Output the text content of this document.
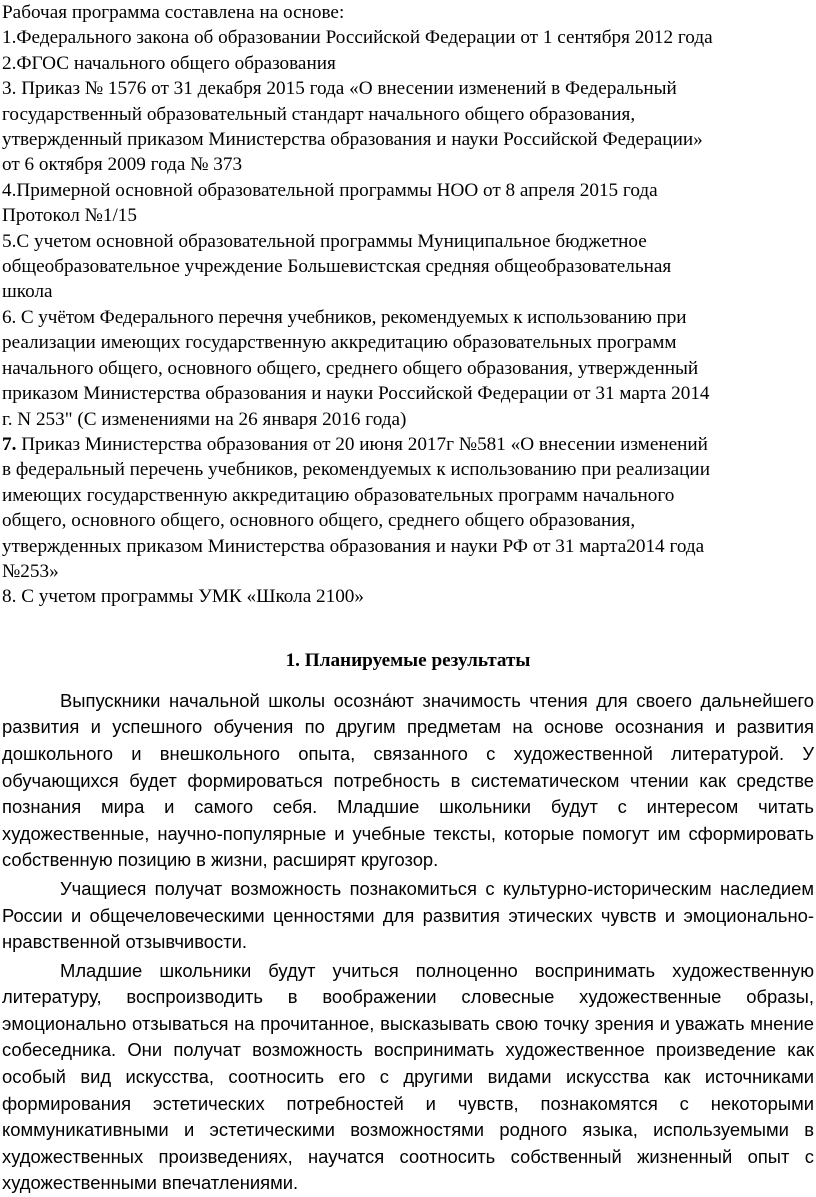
Рабочая программа составлена на основе:

1.Федерального закона об образовании Российской Федерации от 1 сентября 2012 года

2.ФГОС начального общего образования

3. Приказ № 1576 от 31 декабря 2015 года «О внесении изменений в Федеральный

государственный образовательный стандарт начального общего образования,

утвержденный приказом Министерства образования и науки Российской Федерации»

от 6 октября 2009 года № 373

4.Примерной основной образовательной программы НОО от 8 апреля 2015 года

Протокол №1/15

5.С учетом основной образовательной программы Муниципальное бюджетное

общеобразовательное учреждение Большевистская средняя общеобразовательная

школа

6. С учётом Федерального перечня учебников, рекомендуемых к использованию при

реализации имеющих государственную аккредитацию образовательных программ

начального общего, основного общего, среднего общего образования, утвержденный

приказом Министерства образования и науки Российской Федерации от 31 марта 2014

г. N 253" (С изменениями на 26 января 2016 года)

7. Приказ Министерства образования от 20 июня 2017г №581 «О внесении изменений

в федеральный перечень учебников, рекомендуемых к использованию при реализации

имеющих государственную аккредитацию образовательных программ начального

общего, основного общего, основного общего, среднего общего образования,

утвержденных приказом Министерства образования и науки РФ от 31 марта2014 года

№253»

8. С учетом программы УМК «Школа 2100»

1. Планируемые результаты

Выпускники начальной школы осозна́ют значимость чтения для своего дальнейшего развития и успешного обучения по другим предметам на основе осознания и развития дошкольного и внешкольного опыта, связанного с художественной литературой. У обучающихся будет формироваться потребность в систематическом чтении как средстве познания мира и самого себя. Младшие школьники будут с интересом читать художественные, научно-популярные и учебные тексты, которые помогут им сформировать собственную позицию в жизни, расширят кругозор.

Учащиеся получат возможность познакомиться с культурно-историческим наследием России и общечеловеческими ценностями для развития этических чувств и эмоционально-нравственной отзывчивости.

Младшие школьники будут учиться полноценно воспринимать художественную литературу, воспроизводить в воображении словесные художественные образы, эмоционально отзываться на прочитанное, высказывать свою точку зрения и уважать мнение собеседника. Они получат возможность воспринимать художественное произведение как особый вид искусства, соотносить его с другими видами искусства как источниками формирования эстетических потребностей и чувств, познакомятся с некоторыми коммуникативными и эстетическими возможностями родного языка, используемыми в художественных произведениях, научатся соотносить собственный жизненный опыт с художественными впечатлениями.
